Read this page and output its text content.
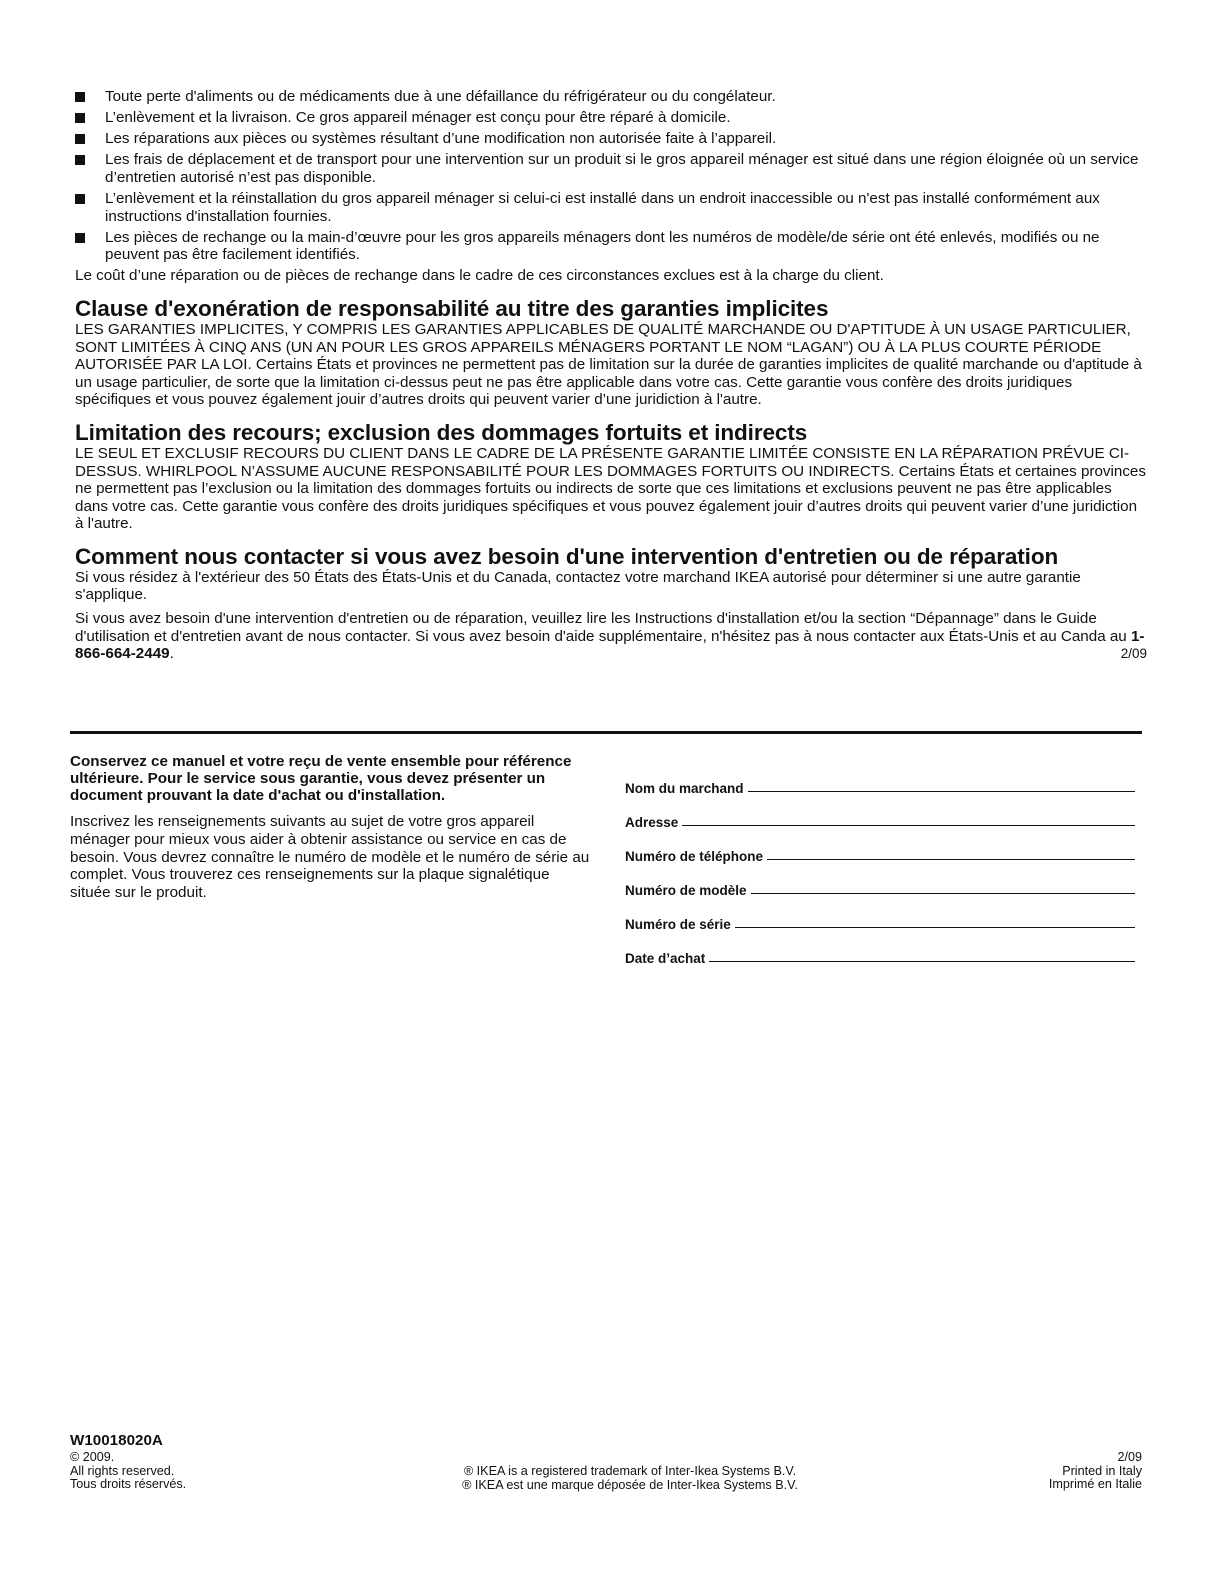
Toute perte d'aliments ou de médicaments due à une défaillance du réfrigérateur ou du congélateur.
L’enlèvement et la livraison. Ce gros appareil ménager est conçu pour être réparé à domicile.
Les réparations aux pièces ou systèmes résultant d’une modification non autorisée faite à l’appareil.
Les frais de déplacement et de transport pour une intervention sur un produit si le gros appareil ménager est situé dans une région éloignée où un service d’entretien autorisé n’est pas disponible.
L’enlèvement et la réinstallation du gros appareil ménager si celui-ci est installé dans un endroit inaccessible ou n'est pas installé conformément aux instructions d'installation fournies.
Les pièces de rechange ou la main-d’œuvre pour les gros appareils ménagers dont les numéros de modèle/de série ont été enlevés, modifiés ou ne peuvent pas être facilement identifiés.

Le coût d’une réparation ou de pièces de rechange dans le cadre de ces circonstances exclues est à la charge du client.

Clause d'exonération de responsabilité au titre des garanties implicites

LES GARANTIES IMPLICITES, Y COMPRIS LES GARANTIES APPLICABLES DE QUALITÉ MARCHANDE OU D'APTITUDE À UN USAGE PARTICULIER, SONT LIMITÉES À CINQ ANS (UN AN POUR LES GROS APPAREILS MÉNAGERS PORTANT LE NOM “LAGAN”) OU À LA PLUS COURTE PÉRIODE AUTORISÉE PAR LA LOI. Certains États et provinces ne permettent pas de limitation sur la durée de garanties implicites de qualité marchande ou d'aptitude à un usage particulier, de sorte que la limitation ci-dessus peut ne pas être applicable dans votre cas. Cette garantie vous confère des droits juridiques spécifiques et vous pouvez également jouir d’autres droits qui peuvent varier d’une juridiction à l'autre.

Limitation des recours; exclusion des dommages fortuits et indirects

LE SEUL ET EXCLUSIF RECOURS DU CLIENT DANS LE CADRE DE LA PRÉSENTE GARANTIE LIMITÉE CONSISTE EN LA RÉPARATION PRÉVUE CI-DESSUS. WHIRLPOOL N’ASSUME AUCUNE RESPONSABILITÉ POUR LES DOMMAGES FORTUITS OU INDIRECTS. Certains États et certaines provinces ne permettent pas l’exclusion ou la limitation des dommages fortuits ou indirects de sorte que ces limitations et exclusions peuvent ne pas être applicables dans votre cas. Cette garantie vous confère des droits juridiques spécifiques et vous pouvez également jouir d’autres droits qui peuvent varier d’une juridiction à l'autre.

Comment nous contacter si vous avez besoin d'une intervention d'entretien ou de réparation

Si vous résidez à l'extérieur des 50 États des États-Unis et du Canada, contactez votre marchand IKEA autorisé pour déterminer si une autre garantie s'applique.

Si vous avez besoin d'une intervention d'entretien ou de réparation, veuillez lire les Instructions d'installation et/ou la section “Dépannage” dans le Guide d'utilisation et d'entretien avant de nous contacter. Si vous avez besoin d'aide supplémentaire, n'hésitez pas à nous contacter aux États-Unis et au Canda au 1-866-664-2449.	2/09

Conservez ce manuel et votre reçu de vente ensemble pour référence ultérieure. Pour le service sous garantie, vous devez présenter un document prouvant la date d'achat ou d'installation.

Inscrivez les renseignements suivants au sujet de votre gros appareil ménager pour mieux vous aider à obtenir assistance ou service en cas de besoin. Vous devrez connaître le numéro de modèle et le numéro de série au complet. Vous trouverez ces renseignements sur la plaque signalétique située sur le produit.

Nom du marchand
Adresse
Numéro de téléphone
Numéro de modèle
Numéro de série
Date d’achat
W10018020A
© 2009.
All rights reserved.
Tous droits réservés.
® IKEA is a registered trademark of Inter-Ikea Systems B.V.
® IKEA est une marque déposée de Inter-Ikea Systems B.V.
2/09
Printed in Italy
Imprimé en Italie
